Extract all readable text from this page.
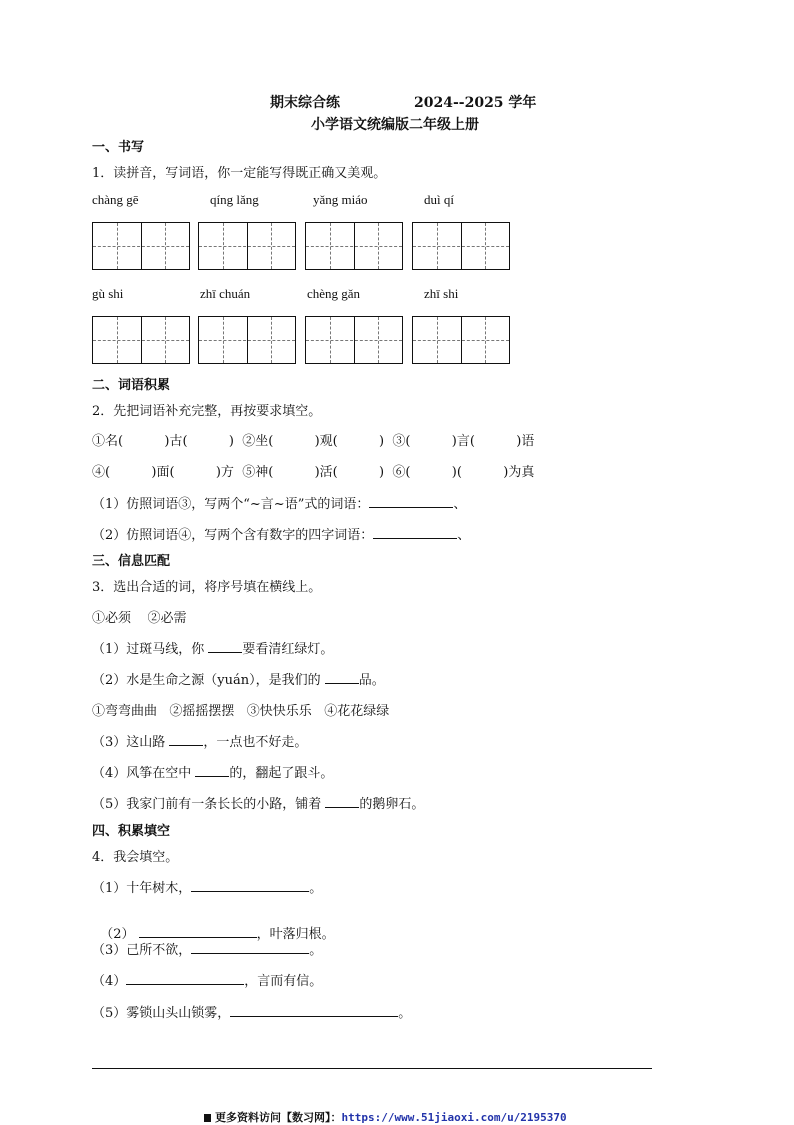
期末综合练	2024--2025 学年
小学语文统编版二年级上册
一、书写
1．读拼音，写词语，你一定能写得既正确又美观。
chàng gē	qíng lǎng	yǎng miáo	duì qí
gù shi	zhī chuán	chèng gǎn	zhī shi
二、词语积累
2．先把词语补充完整，再按要求填空。
①名(          )古(          )  ②坐(          )观(          )  ③(          )言(          )语
④(          )面(          )方  ⑤神(          )活(          )  ⑥(          )(          )为真
（1）仿照词语③，写两个“~言~语”式的词语：	、
（2）仿照词语④，写两个含有数字的四字词语：	、
三、信息匹配
3．选出合适的词，将序号填在横线上。
①必须    ②必需
（1）过斑马线，你	要看清红绿灯。
（2）水是生命之源（yuán），是我们的	品。
①弯弯曲曲   ②摇摇摆摆   ③快快乐乐   ④花花绿绿
（3）这山路	，一点也不好走。
（4）风筝在空中	的，翻起了跟斗。
（5）我家门前有一条长长的小路，铺着	的鹅卵石。
四、积累填空
4．我会填空。
（1）十年树木，	。

（2）	，叶落归根。

（3）己所不欲，	。
（4）	，言而有信。
（5）雾锁山头山锁雾，	。
更多资料访问【数习网】：https://www.51jiaoxi.com/u/2195370
